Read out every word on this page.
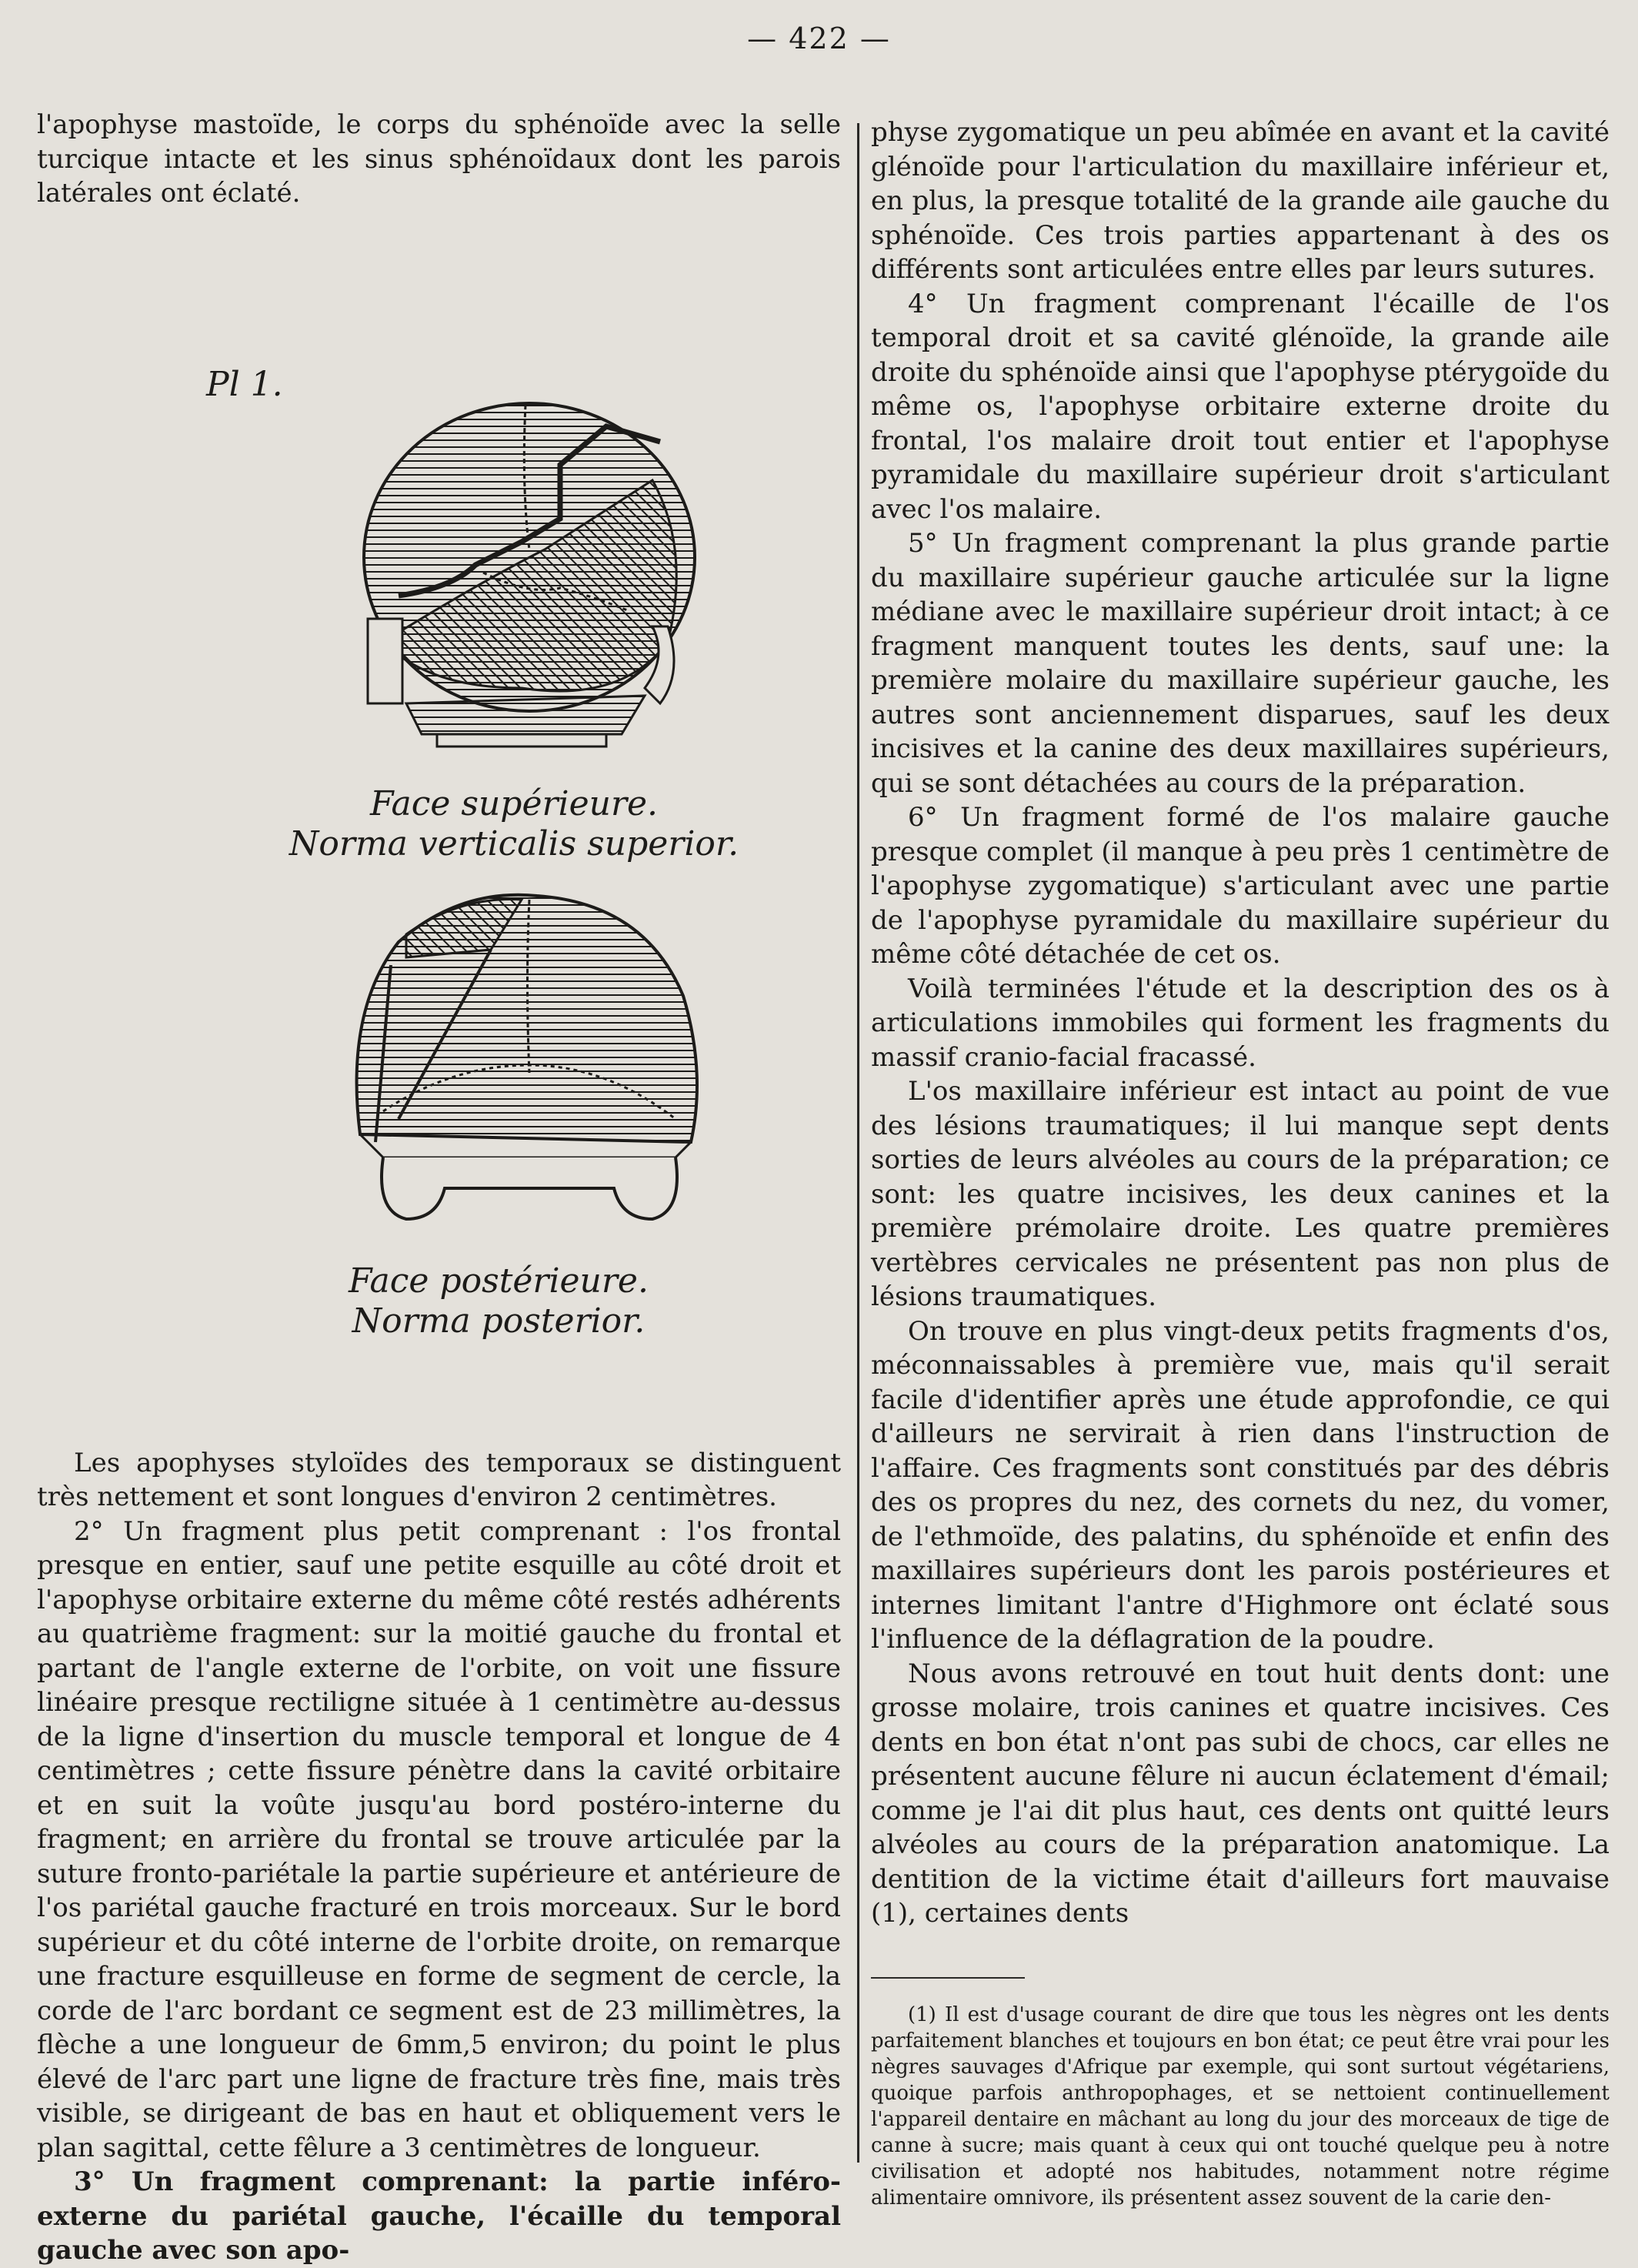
— 422 —

l'apophyse mastoïde, le corps du sphénoïde avec la selle turcique intacte et les sinus sphénoïdaux dont les parois latérales ont éclaté.

Pl 1.
Face supérieure.
Norma verticalis superior.
Face postérieure.
Norma posterior.

Les apophyses styloïdes des temporaux se distinguent très nettement et sont longues d'environ 2 centimètres.

2° Un fragment plus petit comprenant : l'os frontal presque en entier, sauf une petite esquille au côté droit et l'apophyse orbitaire externe du même côté restés adhérents au quatrième fragment: sur la moitié gauche du frontal et partant de l'angle externe de l'orbite, on voit une fissure linéaire presque rectiligne située à 1 centimètre au-dessus de la ligne d'insertion du muscle temporal et longue de 4 centimètres ; cette fissure pénètre dans la cavité orbitaire et en suit la voûte jusqu'au bord postéro-interne du fragment; en arrière du frontal se trouve articulée par la suture fronto-pariétale la partie supérieure et antérieure de l'os pariétal gauche fracturé en trois morceaux. Sur le bord supérieur et du côté interne de l'orbite droite, on remarque une fracture esquilleuse en forme de segment de cercle, la corde de l'arc bordant ce segment est de 23 millimètres, la flèche a une longueur de 6mm,5 environ; du point le plus élevé de l'arc part une ligne de fracture très fine, mais très visible, se dirigeant de bas en haut et obliquement vers le plan sagittal, cette fêlure a 3 centimètres de longueur.

3° Un fragment comprenant: la partie inféro-externe du pariétal gauche, l'écaille du temporal gauche avec son apo-

physe zygomatique un peu abîmée en avant et la cavité glénoïde pour l'articulation du maxillaire inférieur et, en plus, la presque totalité de la grande aile gauche du sphénoïde. Ces trois parties appartenant à des os différents sont articulées entre elles par leurs sutures.

4° Un fragment comprenant l'écaille de l'os temporal droit et sa cavité glénoïde, la grande aile droite du sphénoïde ainsi que l'apophyse ptérygoïde du même os, l'apophyse orbitaire externe droite du frontal, l'os malaire droit tout entier et l'apophyse pyramidale du maxillaire supérieur droit s'articulant avec l'os malaire.

5° Un fragment comprenant la plus grande partie du maxillaire supérieur gauche articulée sur la ligne médiane avec le maxillaire supérieur droit intact; à ce fragment manquent toutes les dents, sauf une: la première molaire du maxillaire supérieur gauche, les autres sont anciennement disparues, sauf les deux incisives et la canine des deux maxillaires supérieurs, qui se sont détachées au cours de la préparation.

6° Un fragment formé de l'os malaire gauche presque complet (il manque à peu près 1 centimètre de l'apophyse zygomatique) s'articulant avec une partie de l'apophyse pyramidale du maxillaire supérieur du même côté détachée de cet os.

Voilà terminées l'étude et la description des os à articulations immobiles qui forment les fragments du massif cranio-facial fracassé.

L'os maxillaire inférieur est intact au point de vue des lésions traumatiques; il lui manque sept dents sorties de leurs alvéoles au cours de la préparation; ce sont: les quatre incisives, les deux canines et la première prémolaire droite. Les quatre premières vertèbres cervicales ne présentent pas non plus de lésions traumatiques.

On trouve en plus vingt-deux petits fragments d'os, méconnaissables à première vue, mais qu'il serait facile d'identifier après une étude approfondie, ce qui d'ailleurs ne servirait à rien dans l'instruction de l'affaire. Ces fragments sont constitués par des débris des os propres du nez, des cornets du nez, du vomer, de l'ethmoïde, des palatins, du sphénoïde et enfin des maxillaires supérieurs dont les parois postérieures et internes limitant l'antre d'Highmore ont éclaté sous l'influence de la déflagration de la poudre.

Nous avons retrouvé en tout huit dents dont: une grosse molaire, trois canines et quatre incisives. Ces dents en bon état n'ont pas subi de chocs, car elles ne présentent aucune fêlure ni aucun éclatement d'émail; comme je l'ai dit plus haut, ces dents ont quitté leurs alvéoles au cours de la préparation anatomique. La dentition de la victime était d'ailleurs fort mauvaise (1), certaines dents

(1) Il est d'usage courant de dire que tous les nègres ont les dents parfaitement blanches et toujours en bon état; ce peut être vrai pour les nègres sauvages d'Afrique par exemple, qui sont surtout végétariens, quoique parfois anthropophages, et se nettoient continuellement l'appareil dentaire en mâchant au long du jour des morceaux de tige de canne à sucre; mais quant à ceux qui ont touché quelque peu à notre civilisation et adopté nos habitudes, notamment notre régime alimentaire omnivore, ils présentent assez souvent de la carie den-
